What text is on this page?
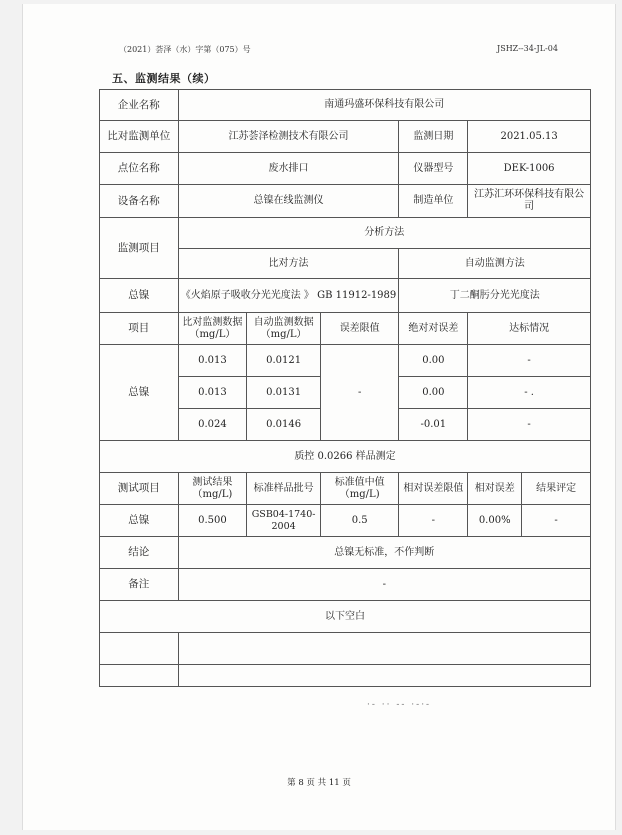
（2021）荟泽（水）字第（075）号	JSHZ--34-JL-04
五、监测结果（续）
企业名称	南通玛盛环保科技有限公司					
比对监测单位	江苏荟泽检测技术有限公司			监测日期	2021.05.13	
点位名称	废水排口			仪器型号	DEK-1006	
设备名称	总镍在线监测仪			制造单位	江苏汇环环保科技有限公司	
监测项目	分析方法					
	比对方法			自动监测方法		
总镍	《火焰原子吸收分光光度法 》 GB 11912-1989			丁二酮肟分光光度法		
项目	比对监测数据（mg/L）	自动监测数据（mg/L）	误差限值	绝对对误差	达标情况	
总镍	0.013	0.0121	-	0.00	-	
	0.013	0.0131		0.00	- .	
	0.024	0.0146		-0.01	-	
质控 0.0266 样品测定						
测试项目	测试结果（mg/L)	标准样品批号	标准值中值（mg/L)	相对误差限值	相对误差	结果评定
总镍	0.500	GSB04-1740-2004	0.5	-	0.00%	-
结论	总镍无标准，不作判断					
备注	-					
以下空白						

·- ·· -- ·-·-
第 8 页 共 11 页
